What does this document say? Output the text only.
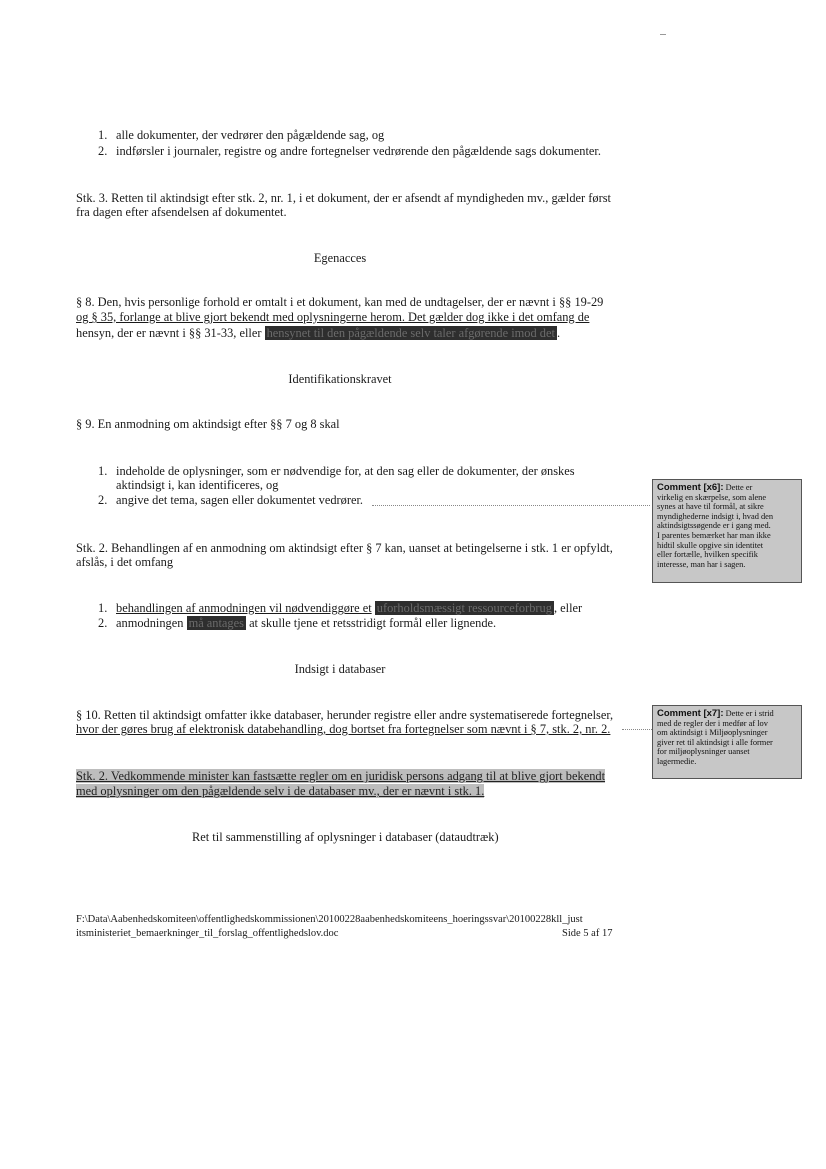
1. alle dokumenter, der vedrører den pågældende sag, og
2. indførsler i journaler, registre og andre fortegnelser vedrørende den pågældende sags dokumenter.
Stk. 3. Retten til aktindsigt efter stk. 2, nr. 1, i et dokument, der er afsendt af myndigheden mv., gælder først
fra dagen efter afsendelsen af dokumentet.
Egenacces
§ 8. Den, hvis personlige forhold er omtalt i et dokument, kan med de undtagelser, der er nævnt i §§ 19-29
og § 35, forlange at blive gjort bekendt med oplysningerne herom. Det gælder dog ikke i det omfang de
hensyn, der er nævnt i §§ 31-33, eller hensynet til den pågældende selv taler afgørende imod det .
Identifikationskravet
§ 9. En anmodning om aktindsigt efter §§ 7 og 8 skal
1. indeholde de oplysninger, som er nødvendige for, at den sag eller de dokumenter, der ønskes
aktindsigt i, kan identificeres, og
2. angive det tema, sagen eller dokumentet vedrører.
Stk. 2. Behandlingen af en anmodning om aktindsigt efter § 7 kan, uanset at betingelserne i stk. 1 er opfyldt,
afslås, i det omfang
1. behandlingen af anmodningen vil nødvendiggøre et uforholdsmæssigt ressourceforbrug , eller
2. anmodningen må antages at skulle tjene et retsstridigt formål eller lignende.
Indsigt i databaser
§ 10. Retten til aktindsigt omfatter ikke databaser, herunder registre eller andre systematiserede fortegnelser,
hvor der gøres brug af elektronisk databehandling, dog bortset fra fortegnelser som nævnt i § 7, stk. 2, nr. 2.
Stk. 2. Vedkommende minister kan fastsætte regler om en juridisk persons adgang til at blive gjort bekendt
med oplysninger om den pågældende selv i de databaser mv., der er nævnt i stk. 1.
Ret til sammenstilling af oplysninger i databaser (dataudtræk)
Comment [x6]: Dette er
virkelig en skærpelse, som alene
synes at have til formål, at sikre
myndighederne indsigt i, hvad den
aktindsigtssøgende er i gang med.
I parentes bemærket har man ikke
hidtil skulle opgive sin identitet
eller fortælle, hvilken specifik
interesse, man har i sagen.
Comment [x7]: Dette er i strid
med de regler der i medfør af lov
om aktindsigt i Miljøoplysninger
giver ret til aktindsigt i alle former
for miljøoplysninger uanset
lagermedie.
F:\Data\Aabenhedskomiteen\offentlighedskommissionen\20100228aabenhedskomiteens_hoeringssvar\20100228kll_just
itsministeriet_bemaerkninger_til_forslag_offentlighedslov.doc	Side 5 af 17
